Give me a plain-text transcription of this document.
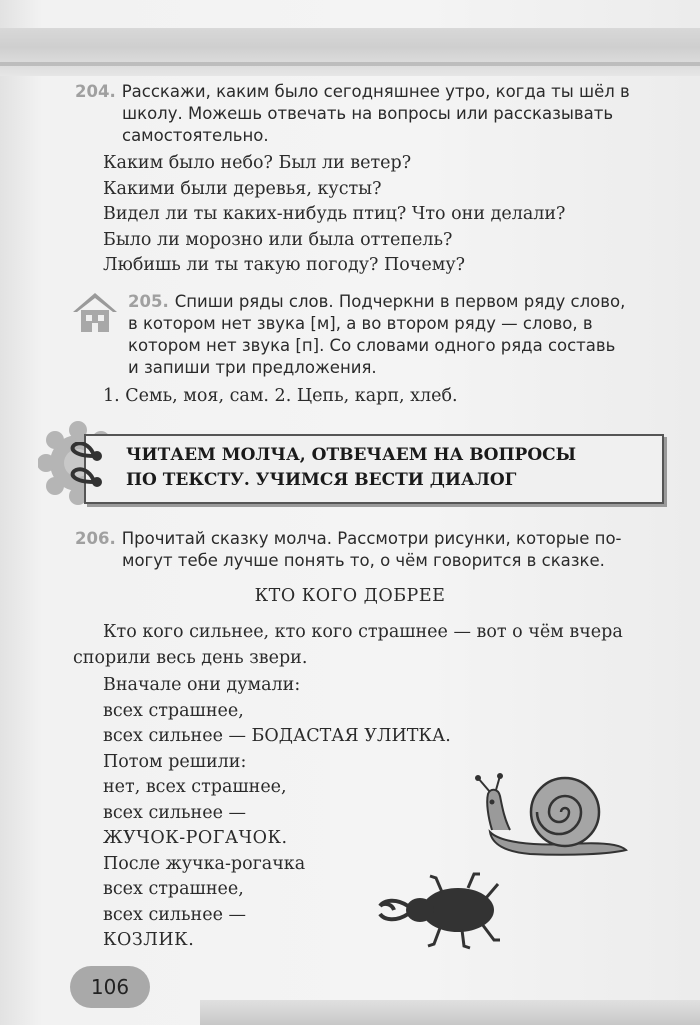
204. Расскажи, каким было сегодняшнее утро, когда ты шёл в
школу. Можешь отвечать на вопросы или рассказывать
самостоятельно.
Каким было небо? Был ли ветер?
Какими были деревья, кусты?
Видел ли ты каких-нибудь птиц? Что они делали?
Было ли морозно или была оттепель?
Любишь ли ты такую погоду? Почему?
205. Спиши ряды слов. Подчеркни в первом ряду слово,
в котором нет звука [м], а во втором ряду — слово, в
котором нет звука [п]. Со словами одного ряда составь
и запиши три предложения.
1. Семь, моя, сам. 2. Цепь, карп, хлеб.
ЧИТАЕМ МОЛЧА, ОТВЕЧАЕМ НА ВОПРОСЫ
ПО ТЕКСТУ. УЧИМСЯ ВЕСТИ ДИАЛОГ
206. Прочитай сказку молча. Рассмотри рисунки, которые по-
могут тебе лучше понять то, о чём говорится в сказке.
КТО КОГО ДОБРЕЕ
Кто кого сильнее, кто кого страшнее — вот о чём вчера
спорили весь день звери.
Вначале они думали:
всех страшнее,
всех сильнее — БОДАСТАЯ УЛИТКА.
Потом решили:
нет, всех страшнее,
всех сильнее —
ЖУЧОК-РОГАЧОК.
После жучка-рогачка
всех страшнее,
всех сильнее —
КОЗЛИК.
106
